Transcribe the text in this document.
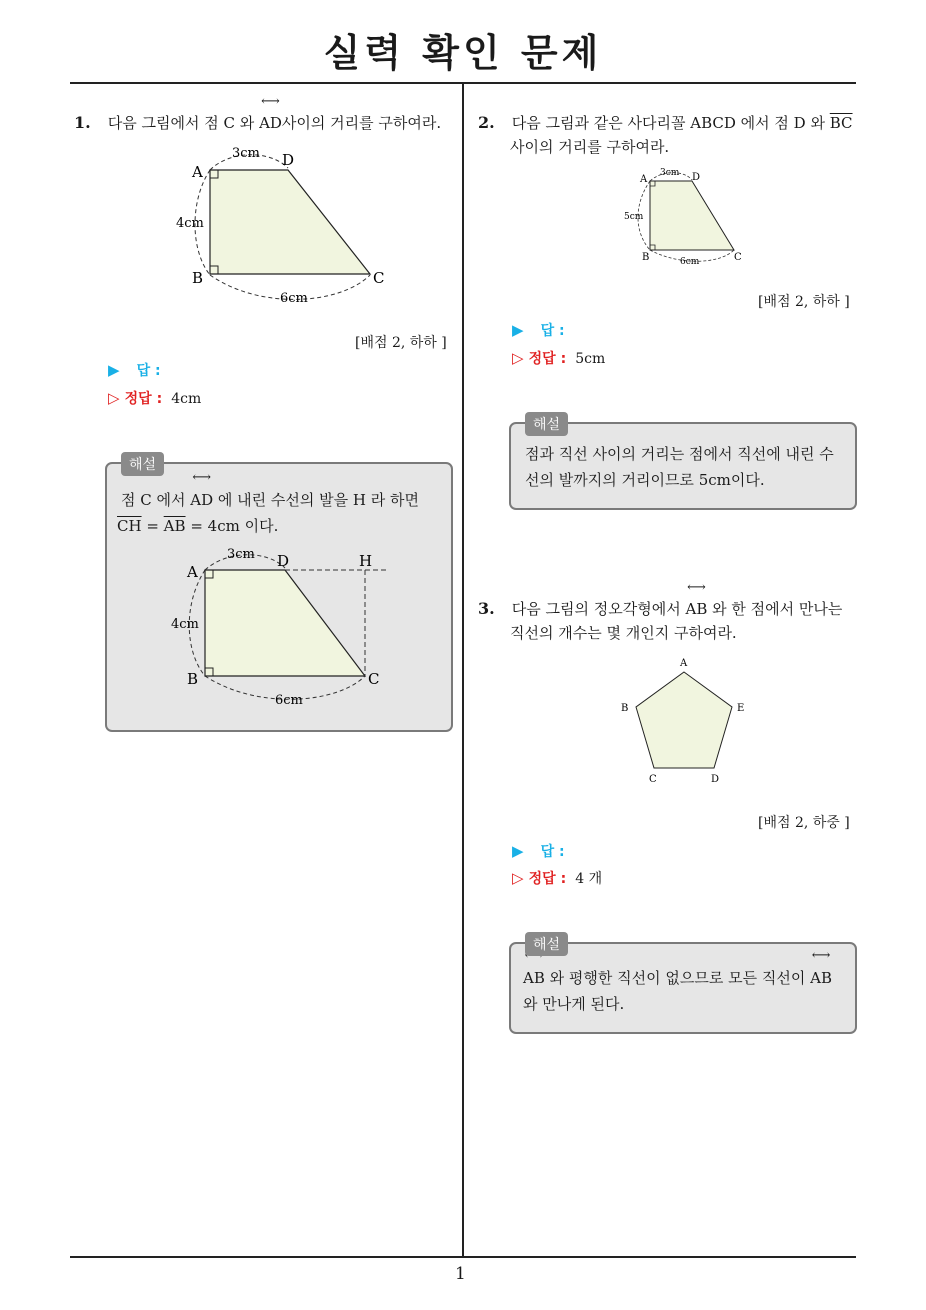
실력 확인 문제
1
1. 다음 그림에서 점 C 와 ⟷ AD사이의 거리를 구하여라.
A
B	C
D
3cm
4cm
6cm
[배점 2, 하하 ]
▶ 답 :
▷ 정답 : 4cm
점 C 에서 ⟷ AD 에 내린 수선의 발을 H 라 하면
$\overline{CH} = \overline{AB} = 4cm$ 이다.
A
B	C
D	H
3cm
4cm
6cm
해설
2. 다음 그림과 같은 사다리꼴 ABCD 에서 점 D 와 $\overline{BC}$
사이의 거리를 구하여라.
A
B	C
D
3cm
5cm
6cm
[배점 2, 하하 ]
▶ 답 :
▷ 정답 : 5cm
점과 직선 사이의 거리는 점에서 직선에 내린 수
선의 발까지의 거리이므로 5cm이다.
해설
3. 다음 그림의 정오각형에서 ⟷ AB 와 한 점에서 만나는
직선의 개수는 몇 개인지 구하여라.
A
B
C	D
E
[배점 2, 하중 ]
▶ 답 :
▷ 정답 : 4 개
⟷ AB 와 평행한 직선이 없으므로 모든 직선이 ⟷ AB
와 만나게 된다.
해설
